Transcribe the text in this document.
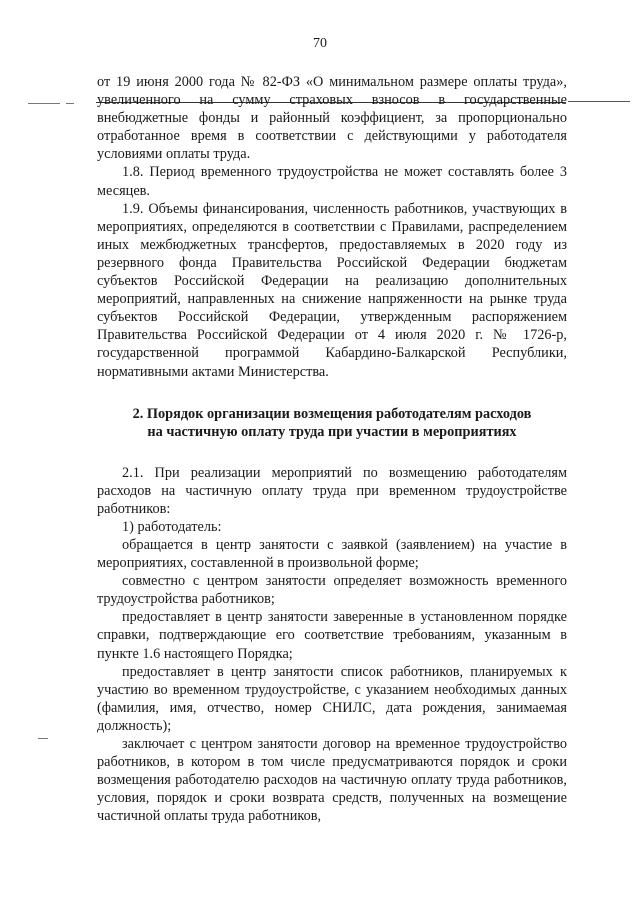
70

от 19 июня 2000 года № 82-ФЗ «О минимальном размере оплаты труда», увеличенного на сумму страховых взносов в государственные внебюджетные фонды и районный коэффициент, за пропорционально отработанное время в соответствии с действующими у работодателя условиями оплаты труда.

1.8. Период временного трудоустройства не может составлять более 3 месяцев.

1.9. Объемы финансирования, численность работников, участвующих в мероприятиях, определяются в соответствии с Правилами, распределением иных межбюджетных трансфертов, предоставляемых в 2020 году из резервного фонда Правительства Российской Федерации бюджетам субъектов Российской Федерации на реализацию дополнительных мероприятий, направленных на снижение напряженности на рынке труда субъектов Российской Федерации, утвержденным распоряжением Правительства Российской Федерации от 4 июля 2020 г. № 1726-р, государственной программой Кабардино-Балкарской Республики, нормативными актами Министерства.

2. Порядок организации возмещения работодателям расходов
на частичную оплату труда при участии в мероприятиях

2.1. При реализации мероприятий по возмещению работодателям расходов на частичную оплату труда при временном трудоустройстве работников:

1) работодатель:

обращается в центр занятости с заявкой (заявлением) на участие в мероприятиях, составленной в произвольной форме;

совместно с центром занятости определяет возможность временного трудоустройства работников;

предоставляет в центр занятости заверенные в установленном порядке справки, подтверждающие его соответствие требованиям, указанным в пункте 1.6 настоящего Порядка;

предоставляет в центр занятости список работников, планируемых к участию во временном трудоустройстве, с указанием необходимых данных (фамилия, имя, отчество, номер СНИЛС, дата рождения, занимаемая должность);

заключает с центром занятости договор на временное трудоустройство работников, в котором в том числе предусматриваются порядок и сроки возмещения работодателю расходов на частичную оплату труда работников, условия, порядок и сроки возврата средств, полученных на возмещение частичной оплаты труда работников,
